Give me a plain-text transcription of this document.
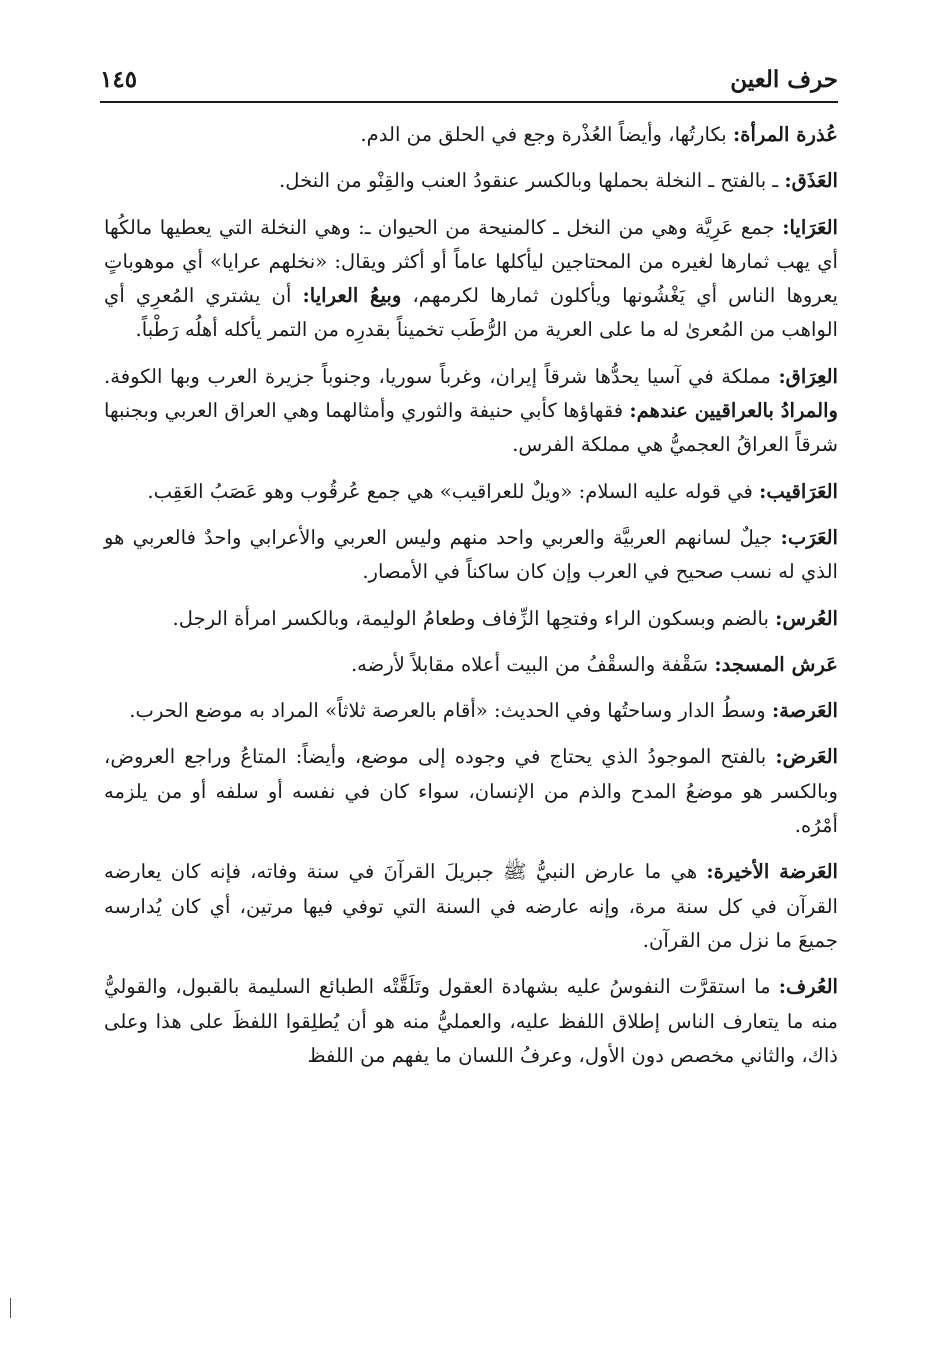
حرف العين
١٤٥

عُذرة المرأة: بكارتُها، وأيضاً العُذْرة وجع في الحلق من الدم.

العَذَق: ـ بالفتح ـ النخلة بحملها وبالكسر عنقودُ العنب والقِنْو من النخل.

العَرَايا: جمع عَرِيَّة وهي من النخل ـ كالمنيحة من الحيوان ـ: وهي النخلة التي يعطيها مالكُها أي يهب ثمارها لغيره من المحتاجين ليأكلها عاماً أو أكثر ويقال: «نخلهم عرايا» أي موهوباتٍ يعروها الناس أي يَغْشُونها ويأكلون ثمارها لكرمهم، وبيعُ العرايا: أن يشتري المُعرِي أي الواهب من المُعرىٰ له ما على العرية من الرُّطَب تخميناً بقدرِه من التمر يأكله أهلُه رَطْباً.

العِرَاق: مملكة في آسيا يحدُّها شرقاً إيران، وغرباً سوريا، وجنوباً جزيرة العرب وبها الكوفة. والمرادُ بالعراقيين عندهم: فقهاؤها كأبي حنيفة والثوري وأمثالهما وهي العراق العربي وبجنبها شرقاً العراقُ العجميُّ هي مملكة الفرس.

العَرَاقيب: في قوله عليه السلام: «ويلٌ للعراقيب» هي جمع عُرقُوب وهو عَصَبُ العَقِب.

العَرَب: جيلٌ لسانهم العربيَّة والعربي واحد منهم وليس العربي والأعرابي واحدٌ فالعربي هو الذي له نسب صحيح في العرب وإن كان ساكناً في الأمصار.

العُرس: بالضم وبسكون الراء وفتحِها الزِّفاف وطعامُ الوليمة، وبالكسر امرأة الرجل.

عَرش المسجد: سَقْفة والسقْفُ من البيت أعلاه مقابلاً لأرضه.

العَرصة: وسطُ الدار وساحتُها وفي الحديث: «أقام بالعرصة ثلاثاً» المراد به موضع الحرب.

العَرض: بالفتح الموجودُ الذي يحتاج في وجوده إلى موضع، وأيضاً: المتاعُ وراجع العروض، وبالكسر هو موضعُ المدح والذم من الإنسان، سواء كان في نفسه أو سلفه أو من يلزمه أمْرُه.

العَرضة الأخيرة: هي ما عارض النبيُّ ﷺ جبريلَ القرآنَ في سنة وفاته، فإنه كان يعارضه القرآن في كل سنة مرة، وإنه عارضه في السنة التي توفي فيها مرتين، أي كان يُدارسه جميعَ ما نزل من القرآن.

العُرف: ما استقرَّت النفوسُ عليه بشهادة العقول وتَلَقَّتْه الطبائع السليمة بالقبول، والقوليُّ منه ما يتعارف الناس إطلاق اللفظ عليه، والعمليُّ منه هو أن يُطلِقوا اللفظَ على هذا وعلى ذاك، والثاني مخصص دون الأول، وعرفُ اللسان ما يفهم من اللفظ
